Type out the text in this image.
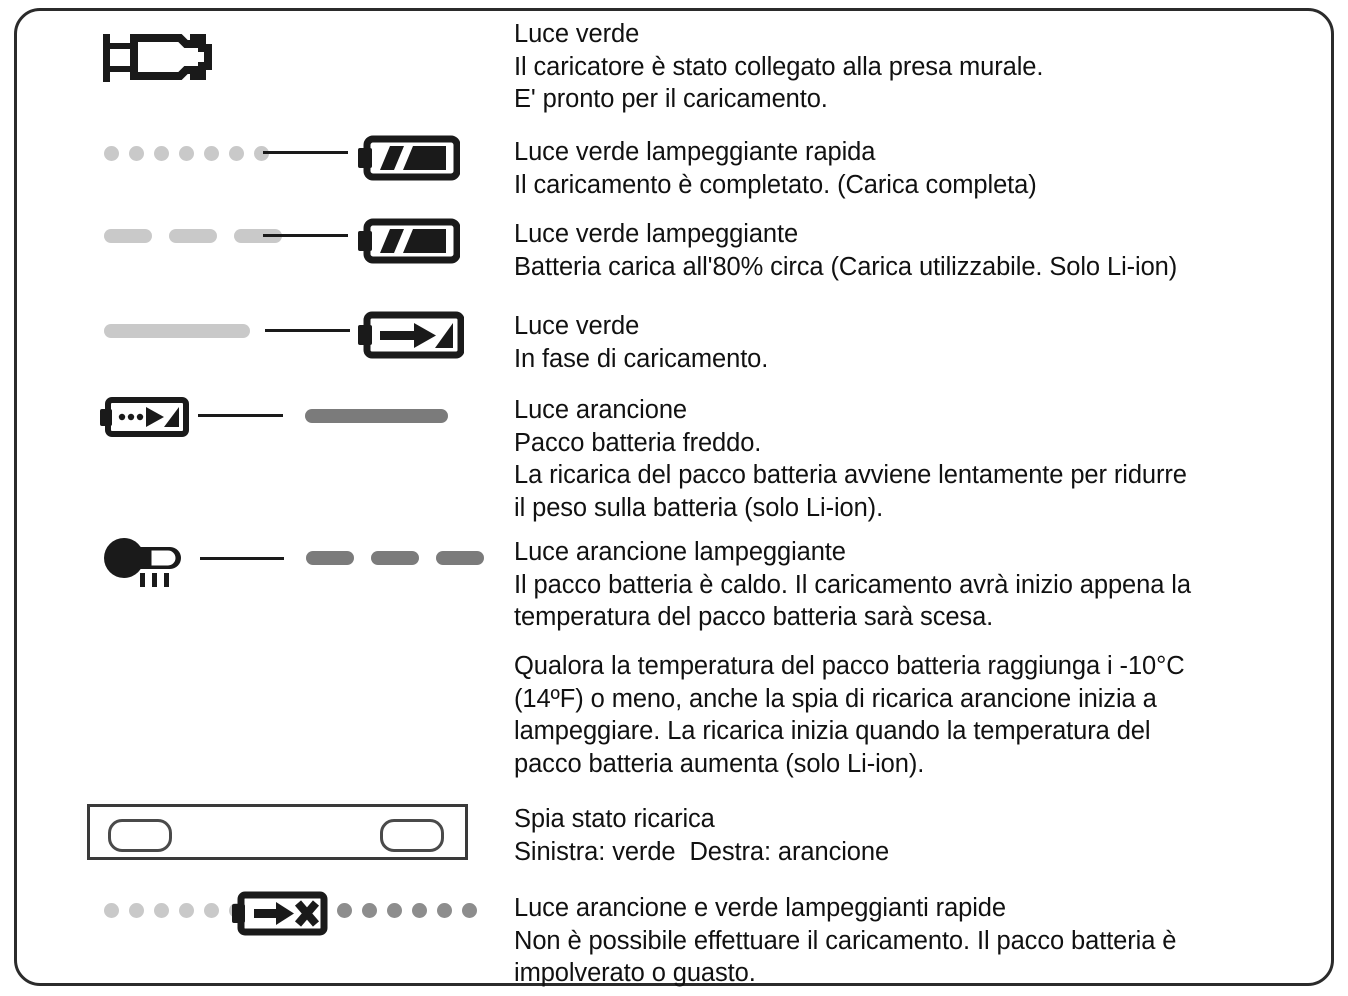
Luce verde
Il caricatore è stato collegato alla presa murale.
E' pronto per il caricamento.
Luce verde lampeggiante rapida
Il caricamento è completato. (Carica completa)
Luce verde lampeggiante
Batteria carica all'80% circa (Carica utilizzabile. Solo Li-ion)
Luce verde
In fase di caricamento.
Luce arancione
Pacco batteria freddo.
La ricarica del pacco batteria avviene lentamente per ridurre
il peso sulla batteria (solo Li-ion).
Luce arancione lampeggiante
Il pacco batteria è caldo. Il caricamento avrà inizio appena la
temperatura del pacco batteria sarà scesa.
Qualora la temperatura del pacco batteria raggiunga i -10°C
(14ºF) o meno, anche la spia di ricarica arancione inizia a
lampeggiare. La ricarica inizia quando la temperatura del
pacco batteria aumenta (solo Li-ion).
Spia stato ricarica
Sinistra: verde  Destra: arancione
Luce arancione e verde lampeggianti rapide
Non è possibile effettuare il caricamento. Il pacco batteria è
impolverato o guasto.
